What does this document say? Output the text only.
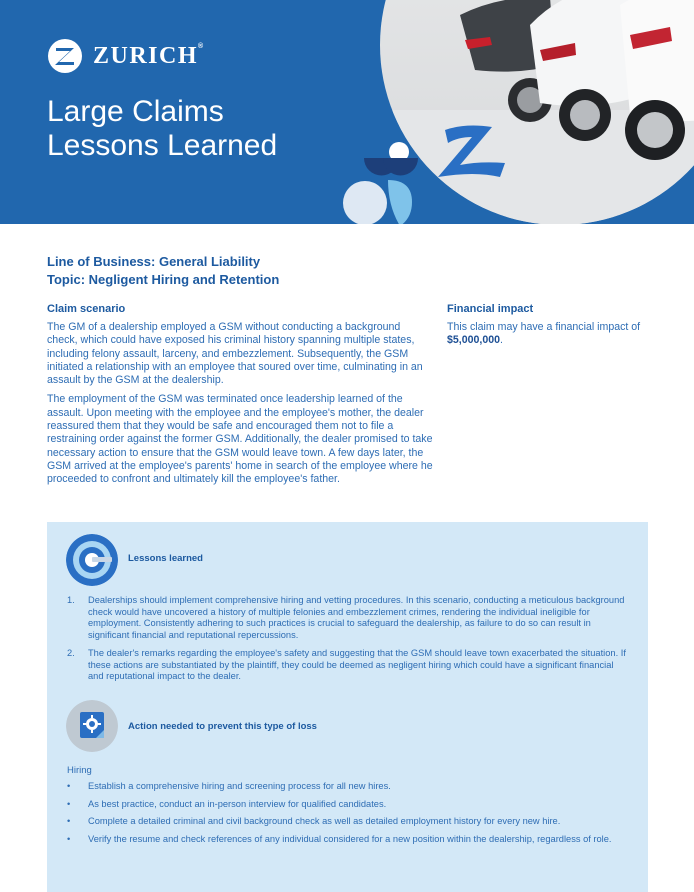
ZURICH®
Large Claims
Lessons Learned
Line of Business: General Liability
Topic: Negligent Hiring and Retention
Claim scenario

The GM of a dealership employed a GSM without conducting a background check, which could have exposed his criminal history spanning multiple states, including felony assault, larceny, and embezzlement. Subsequently, the GSM initiated a relationship with an employee that soured over time, culminating in an assault by the GSM at the dealership.

The employment of the GSM was terminated once leadership learned of the assault. Upon meeting with the employee and the employee's mother, the dealer reassured them that they would be safe and encouraged them not to file a restraining order against the former GSM. Additionally, the dealer promised to take necessary action to ensure that the GSM would leave town. A few days later, the GSM arrived at the employee's parents' home in search of the employee where he proceeded to confront and ultimately kill the employee's father.

Financial impact

This claim may have a financial impact of $5,000,000.

Lessons learned
1.	Dealerships should implement comprehensive hiring and vetting procedures. In this scenario, conducting a meticulous background check would have uncovered a history of multiple felonies and embezzlement crimes, rendering the individual ineligible for employment. Consistently adhering to such practices is crucial to safeguard the dealership, as failure to do so can result in significant financial and reputational repercussions.
2.	The dealer's remarks regarding the employee's safety and suggesting that the GSM should leave town exacerbated the situation. If these actions are substantiated by the plaintiff, they could be deemed as negligent hiring which could have a significant financial and reputational impact to the dealer.
Action needed to prevent this type of loss
Hiring
•	Establish a comprehensive hiring and screening process for all new hires.
•	As best practice, conduct an in-person interview for qualified candidates.
•	Complete a detailed criminal and civil background check as well as detailed employment history for every new hire.
•	Verify the resume and check references of any individual considered for a new position within the dealership, regardless of role.
